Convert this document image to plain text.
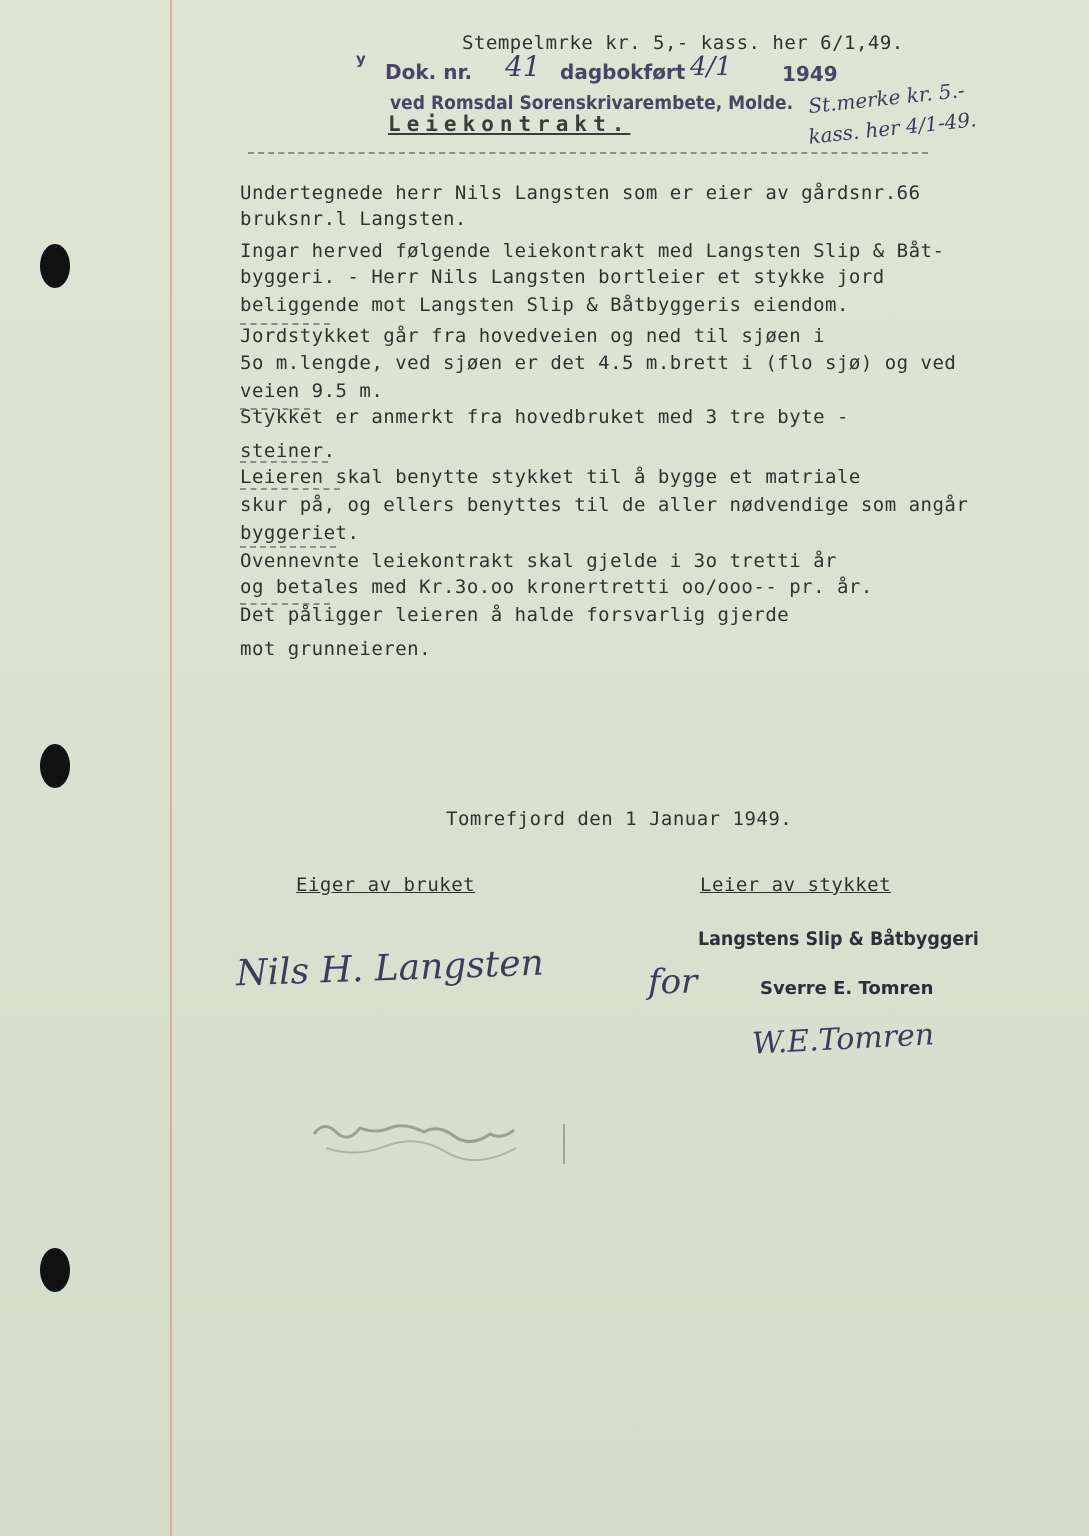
Stempelmrke kr. 5,- kass. her 6/1,49.
y
Dok. nr. 41 dagbokført 4/1	1949
ved Romsdal Sorenskrivarembete, Molde. St.merke kr. 5.-
kass. her 4/1-49.
Leiekontrakt.
Undertegnede herr Nils Langsten som er eier av gårdsnr.66
bruksnr.l Langsten.
Ingar herved følgende leiekontrakt med Langsten Slip & Båt-
byggeri. - Herr Nils Langsten bortleier et stykke jord
beliggende mot Langsten Slip & Båtbyggeris eiendom.
Jordstykket går fra hovedveien og ned til sjøen i
5o m.lengde, ved sjøen er det 4.5 m.brett i (flo sjø) og ved
veien 9.5 m.
Stykket er anmerkt fra hovedbruket med 3 tre byte -
steiner.
Leieren skal benytte stykket til å bygge et matriale
skur på, og ellers benyttes til de aller nødvendige som angår
byggeriet.
Ovennevnte leiekontrakt skal gjelde i 3o tretti år
og betales med Kr.3o.oo kronertretti oo/ooo-- pr. år.
Det påligger leieren å halde forsvarlig gjerde
mot grunneieren.
Tomrefjord den 1 Januar 1949.
Eiger av bruket	Leier av stykket
Nils H. Langsten
Langstens Slip & Båtbyggeri
for	Sverre E. Tomren
W.E.Tomren
